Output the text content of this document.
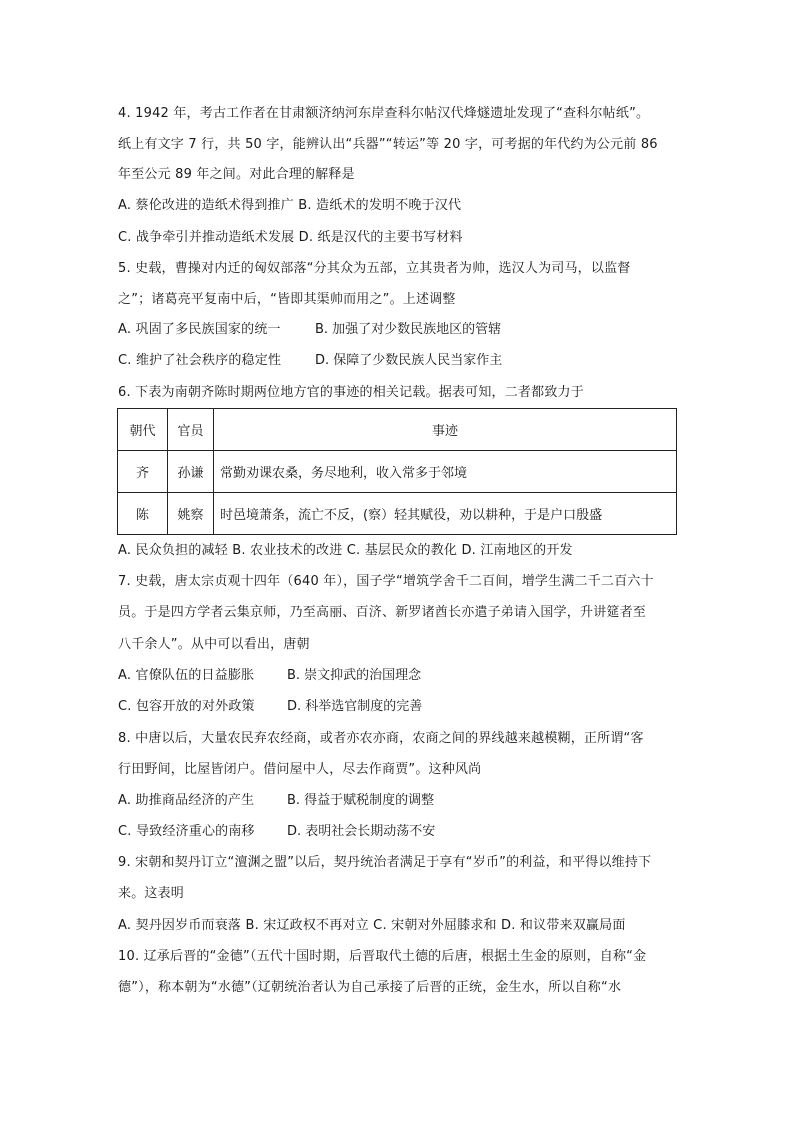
4. 1942 年，考古工作者在甘肃额济纳河东岸查科尔帖汉代烽燧遗址发现了“查科尔帖纸”。
纸上有文字 7 行，共 50 字，能辨认出“兵器”“转运”等 20 字，可考据的年代约为公元前 86
年至公元 89 年之间。对此合理的解释是
A. 蔡伦改进的造纸术得到推广 B. 造纸术的发明不晚于汉代
C. 战争牵引并推动造纸术发展 D. 纸是汉代的主要书写材料
5. 史载，曹操对内迁的匈奴部落“分其众为五部，立其贵者为帅，选汉人为司马，以监督
之”；诸葛亮平复南中后，“皆即其渠帅而用之”。上述调整
A. 巩固了多民族国家的统一	B. 加强了对少数民族地区的管辖
C. 维护了社会秩序的稳定性	D. 保障了少数民族人民当家作主
6. 下表为南朝齐陈时期两位地方官的事迹的相关记载。据表可知，二者都致力于
朝代	官员	事迹
齐	孙谦	常勤劝课农桑，务尽地利，收入常多于邻境
陈	姚察	时邑境萧条，流亡不反，(察）轻其赋役，劝以耕种，于是户口殷盛
A. 民众负担的减轻 B. 农业技术的改进 C. 基层民众的教化 D. 江南地区的开发
7. 史载，唐太宗贞观十四年（640 年），国子学“增筑学舍千二百间，增学生满二千二百六十
员。于是四方学者云集京师，乃至高丽、百济、新罗诸酋长亦遣子弟请入国学，升讲筵者至
八千余人”。从中可以看出，唐朝
A. 官僚队伍的日益膨胀	B. 崇文抑武的治国理念
C. 包容开放的对外政策 D. 科举选官制度的完善
8. 中唐以后，大量农民弃农经商，或者亦农亦商，农商之间的界线越来越模糊，正所谓“客
行田野间，比屋皆闭户。借问屋中人，尽去作商贾”。这种风尚
A. 助推商品经济的产生	B. 得益于赋税制度的调整
C. 导致经济重心的南移 D. 表明社会长期动荡不安
9. 宋朝和契丹订立“澶渊之盟”以后，契丹统治者满足于享有“岁币”的利益，和平得以维持下
来。这表明
A. 契丹因岁币而衰落 B. 宋辽政权不再对立 C. 宋朝对外屈膝求和 D. 和议带来双赢局面
10. 辽承后晋的“金德”（五代十国时期，后晋取代土德的后唐，根据土生金的原则，自称“金
德”），称本朝为“水德”（辽朝统治者认为自己承接了后晋的正统，金生水，所以自称“水
